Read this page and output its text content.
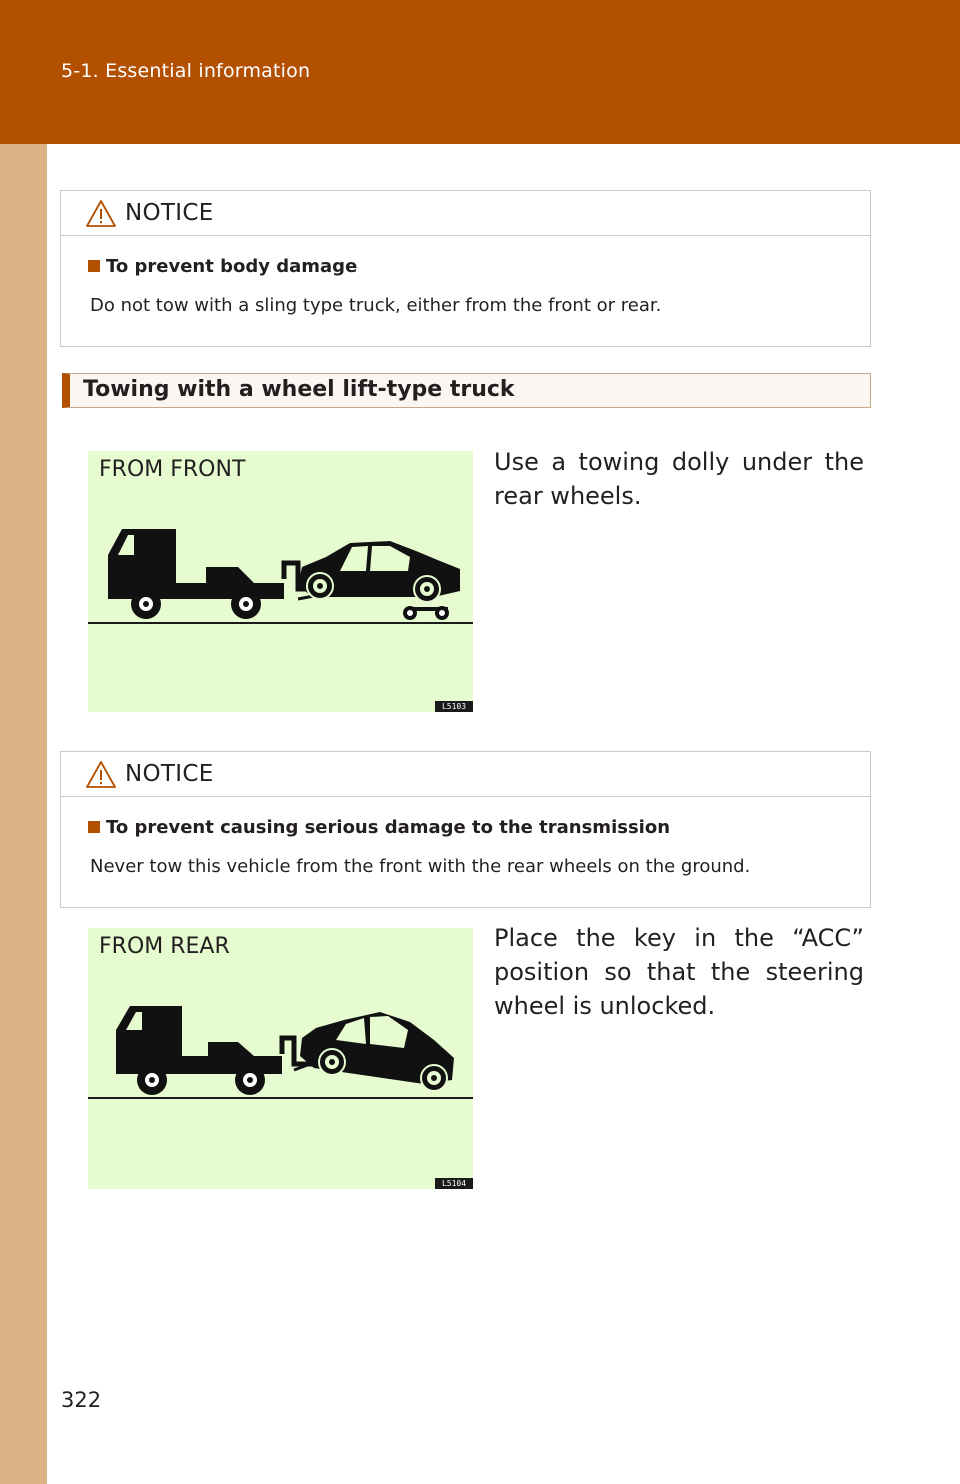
5-1. Essential information
NOTICE
To prevent body damage
Do not tow with a sling type truck, either from the front or rear.
Towing with a wheel lift-type truck
FROM FRONT
L5103
Use a towing dolly under the rear wheels.
NOTICE
To prevent causing serious damage to the transmission
Never tow this vehicle from the front with the rear wheels on the ground.
FROM REAR
L5104
Place the key in the “ACC” position so that the steering wheel is unlocked.
322
